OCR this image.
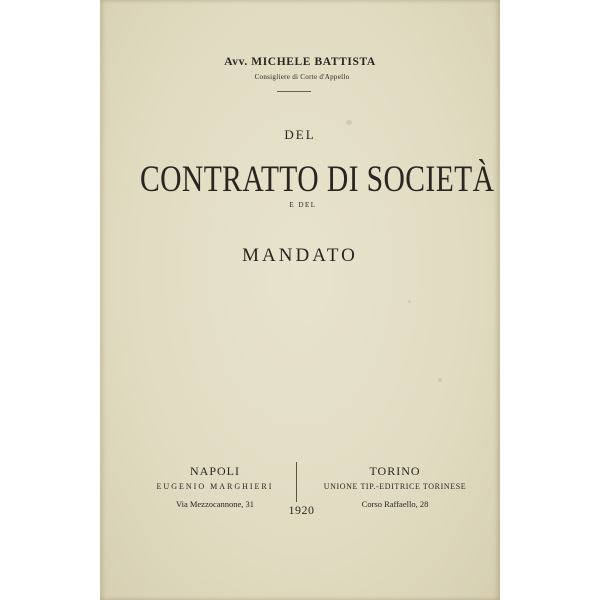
Avv. MICHELE BATTISTA
Consigliere di Corte d'Appello
DEL
CONTRATTO DI SOCIETÀ
E DEL
MANDATO
NAPOLI
EUGENIO MARGHIERI
Via Mezzocannone, 31
TORINO
UNIONE TIP.-EDITRICE TORINESE
Corso Raffaello, 28
1920
